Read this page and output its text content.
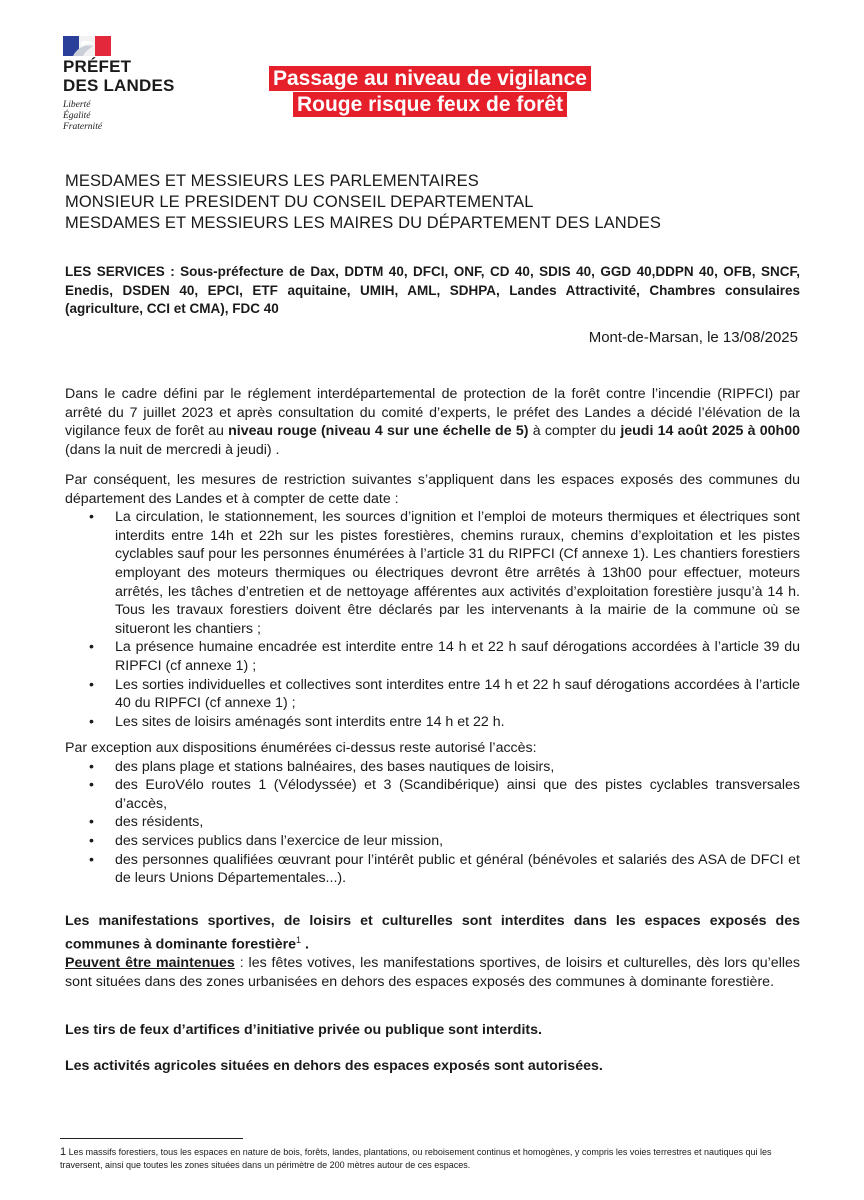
PRÉFET
DES LANDES
Liberté
Égalité
Fraternité
Passage au niveau de vigilance
Rouge risque feux de forêt
MESDAMES ET MESSIEURS LES PARLEMENTAIRES
MONSIEUR LE PRESIDENT DU CONSEIL DEPARTEMENTAL
MESDAMES ET MESSIEURS LES MAIRES DU DÉPARTEMENT DES LANDES
LES SERVICES : Sous-préfecture de Dax, DDTM 40, DFCI, ONF, CD 40, SDIS 40, GGD 40,DDPN 40, OFB, SNCF, Enedis, DSDEN 40, EPCI, ETF aquitaine, UMIH, AML, SDHPA, Landes Attractivité, Chambres consulaires (agriculture, CCI et CMA), FDC 40
Mont-de-Marsan, le 13/08/2025
Dans le cadre défini par le réglement interdépartemental de protection de la forêt contre l’incendie (RIPFCI) par arrêté du 7 juillet 2023 et après consultation du comité d’experts, le préfet des Landes a décidé l’élévation de la vigilance feux de forêt au niveau rouge (niveau 4 sur une échelle de 5) à compter du jeudi 14 août 2025 à 00h00 (dans la nuit de mercredi à jeudi) .
Par conséquent, les mesures de restriction suivantes s’appliquent dans les espaces exposés des communes du département des Landes et à compter de cette date :
• La circulation, le stationnement, les sources d’ignition et l’emploi de moteurs thermiques et électriques sont interdits entre 14h et 22h sur les pistes forestières, chemins ruraux, chemins d’exploitation et les pistes cyclables sauf pour les personnes énumérées à l’article 31 du RIPFCI (Cf annexe 1). Les chantiers forestiers employant des moteurs thermiques ou électriques devront être arrêtés à 13h00 pour effectuer, moteurs arrêtés, les tâches d’entretien et de nettoyage afférentes aux activités d’exploitation forestière jusqu’à 14 h. Tous les travaux forestiers doivent être déclarés par les intervenants à la mairie de la commune où se situeront les chantiers ;
• La présence humaine encadrée est interdite entre 14 h et 22 h sauf dérogations accordées à l’article 39 du RIPFCI (cf annexe 1) ;
• Les sorties individuelles et collectives sont interdites entre 14 h et 22 h sauf dérogations accordées à l’article 40 du RIPFCI (cf annexe 1) ;
• Les sites de loisirs aménagés sont interdits entre 14 h et 22 h.
Par exception aux dispositions énumérées ci-dessus reste autorisé l’accès:
• des plans plage et stations balnéaires, des bases nautiques de loisirs,
• des EuroVélo routes 1 (Vélodyssée) et 3 (Scandibérique) ainsi que des pistes cyclables transversales d’accès,
• des résidents,
• des services publics dans l’exercice de leur mission,
• des personnes qualifiées œuvrant pour l’intérêt public et général (bénévoles et salariés des ASA de DFCI et de leurs Unions Départementales...).
Les manifestations sportives, de loisirs et culturelles sont interdites dans les espaces exposés des communes à dominante forestière$^1$ .
Peuvent être maintenues : les fêtes votives, les manifestations sportives, de loisirs et culturelles, dès lors qu’elles sont situées dans des zones urbanisées en dehors des espaces exposés des communes à dominante forestière.
Les tirs de feux d’artifices d’initiative privée ou publique sont interdits.
Les activités agricoles situées en dehors des espaces exposés sont autorisées.
1 Les massifs forestiers, tous les espaces en nature de bois, forêts, landes, plantations, ou reboisement continus et homogènes, y compris les voies terrestres et nautiques qui les traversent, ainsi que toutes les zones situées dans un périmètre de 200 mètres autour de ces espaces.
